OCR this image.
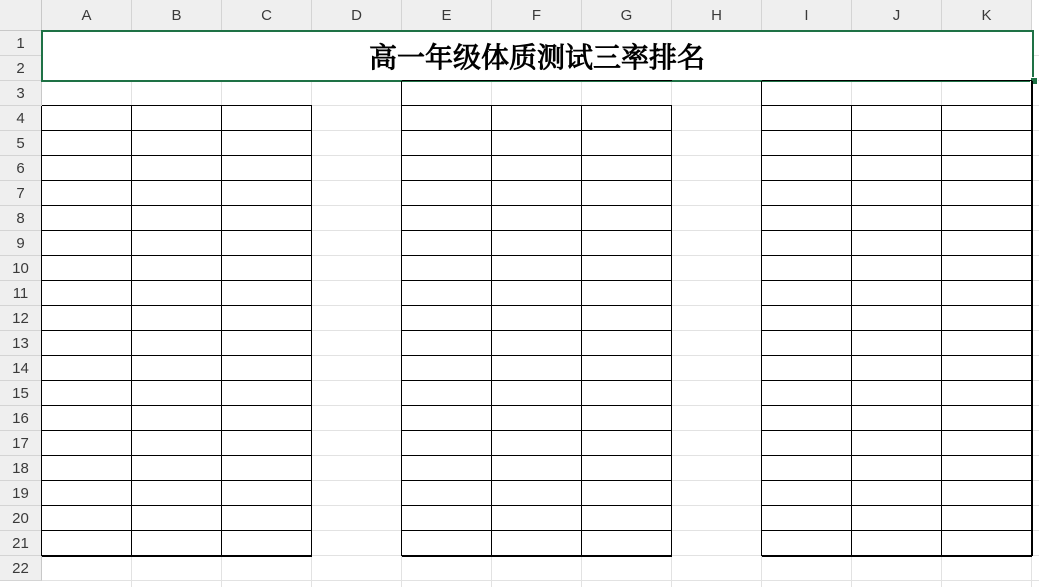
A	B	C	D	E	F	G	H	I	J	K
1
2
3
4
5
6
7
8
9
10
11
12
13
14
15
16
17
18
19
20
21
22
高一年级体质测试三率排名
